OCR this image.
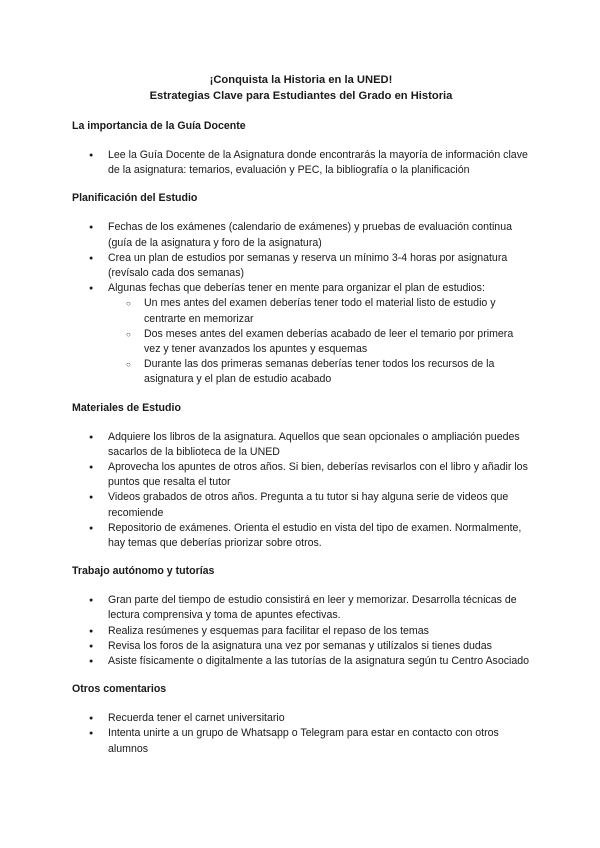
¡Conquista la Historia en la UNED!
Estrategias Clave para Estudiantes del Grado en Historia
La importancia de la Guía Docente
● Lee la Guía Docente de la Asignatura donde encontrarás la mayoría de información clave de la asignatura: temarios, evaluación y PEC, la bibliografía o la planificación
Planificación del Estudio
● Fechas de los exámenes (calendario de exámenes) y pruebas de evaluación continua (guía de la asignatura y foro de la asignatura)
● Crea un plan de estudios por semanas y reserva un mínimo 3-4 horas por asignatura (revísalo cada dos semanas)
● Algunas fechas que deberías tener en mente para organizar el plan de estudios:
○ Un mes antes del examen deberías tener todo el material listo de estudio y centrarte en memorizar
○ Dos meses antes del examen deberías acabado de leer el temario por primera vez y tener avanzados los apuntes y esquemas
○ Durante las dos primeras semanas deberías tener todos los recursos de la asignatura y el plan de estudio acabado
Materiales de Estudio
● Adquiere los libros de la asignatura. Aquellos que sean opcionales o ampliación puedes sacarlos de la biblioteca de la UNED
● Aprovecha los apuntes de otros años. Si bien, deberías revisarlos con el libro y añadir los puntos que resalta el tutor
● Videos grabados de otros años. Pregunta a tu tutor si hay alguna serie de videos que recomiende
● Repositorio de exámenes. Orienta el estudio en vista del tipo de examen. Normalmente, hay temas que deberías priorizar sobre otros.
Trabajo autónomo y tutorías
● Gran parte del tiempo de estudio consistirá en leer y memorizar. Desarrolla técnicas de lectura comprensiva y toma de apuntes efectivas.
● Realiza resúmenes y esquemas para facilitar el repaso de los temas
● Revisa los foros de la asignatura una vez por semanas y utilízalos si tienes dudas
● Asiste físicamente o digitalmente a las tutorías de la asignatura según tu Centro Asociado
Otros comentarios
● Recuerda tener el carnet universitario
● Intenta unirte a un grupo de Whatsapp o Telegram para estar en contacto con otros alumnos
